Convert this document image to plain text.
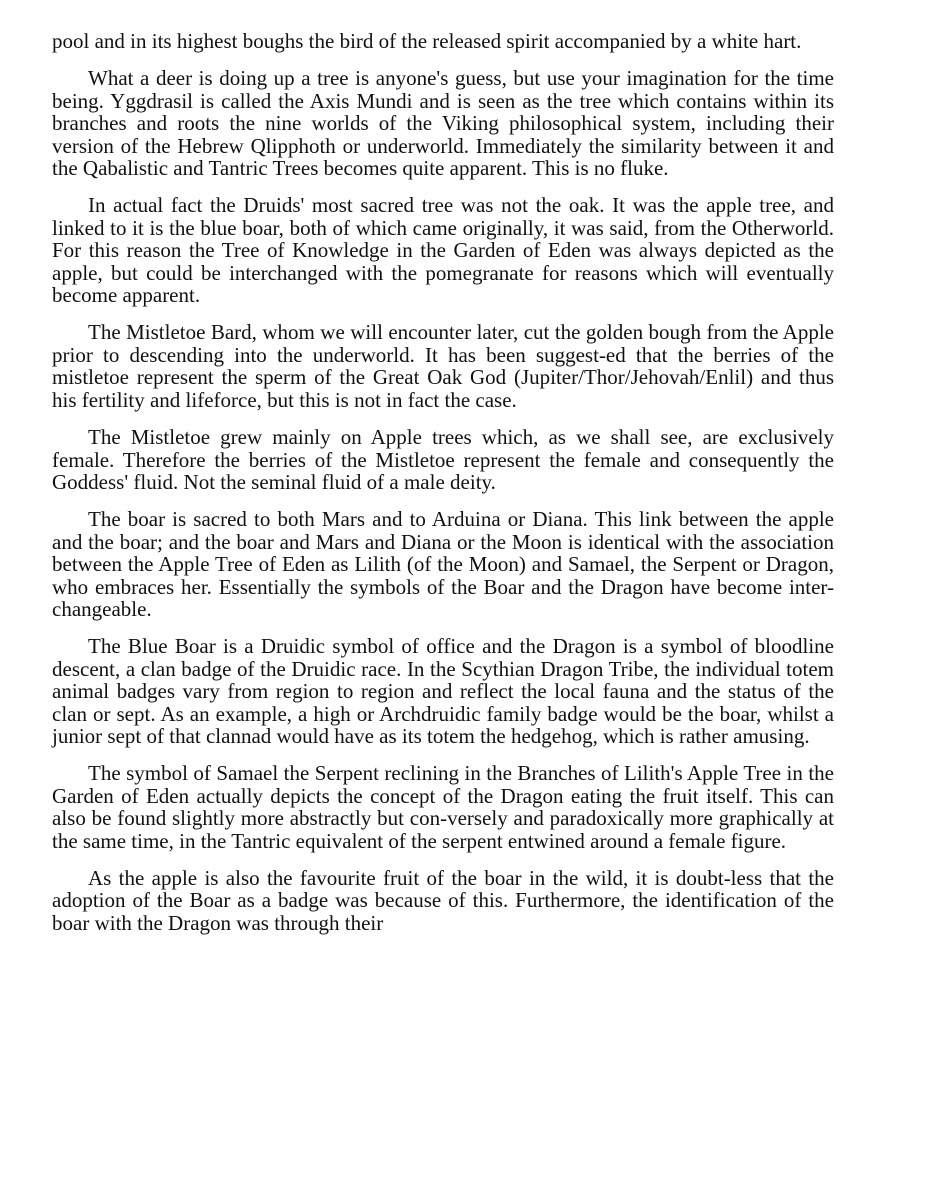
pool and in its highest boughs the bird of the released spirit accompanied by a white hart.

What a deer is doing up a tree is anyone's guess, but use your imagination for the time being. Yggdrasil is called the Axis Mundi and is seen as the tree which contains within its branches and roots the nine worlds of the Viking philosophical system, including their version of the Hebrew Qlipphoth or underworld. Immediately the similarity between it and the Qabalistic and Tantric Trees becomes quite apparent. This is no fluke.

In actual fact the Druids' most sacred tree was not the oak. It was the apple tree, and linked to it is the blue boar, both of which came originally, it was said, from the Otherworld. For this reason the Tree of Knowledge in the Garden of Eden was always depicted as the apple, but could be interchanged with the pomegranate for reasons which will eventually become apparent.

The Mistletoe Bard, whom we will encounter later, cut the golden bough from the Apple prior to descending into the underworld. It has been suggest-ed that the berries of the mistletoe represent the sperm of the Great Oak God (Jupiter/Thor/Jehovah/Enlil) and thus his fertility and lifeforce, but this is not in fact the case.

The Mistletoe grew mainly on Apple trees which, as we shall see, are exclusively female. Therefore the berries of the Mistletoe represent the female and consequently the Goddess' fluid. Not the seminal fluid of a male deity.

The boar is sacred to both Mars and to Arduina or Diana. This link between the apple and the boar; and the boar and Mars and Diana or the Moon is identical with the association between the Apple Tree of Eden as Lilith (of the Moon) and Samael, the Serpent or Dragon, who embraces her. Essentially the symbols of the Boar and the Dragon have become inter-changeable.

The Blue Boar is a Druidic symbol of office and the Dragon is a symbol of bloodline descent, a clan badge of the Druidic race. In the Scythian Dragon Tribe, the individual totem animal badges vary from region to region and reflect the local fauna and the status of the clan or sept. As an example, a high or Archdruidic family badge would be the boar, whilst a junior sept of that clannad would have as its totem the hedgehog, which is rather amusing.

The symbol of Samael the Serpent reclining in the Branches of Lilith's Apple Tree in the Garden of Eden actually depicts the concept of the Dragon eating the fruit itself. This can also be found slightly more abstractly but con-versely and paradoxically more graphically at the same time, in the Tantric equivalent of the serpent entwined around a female figure.

As the apple is also the favourite fruit of the boar in the wild, it is doubt-less that the adoption of the Boar as a badge was because of this. Furthermore, the identification of the boar with the Dragon was through their
